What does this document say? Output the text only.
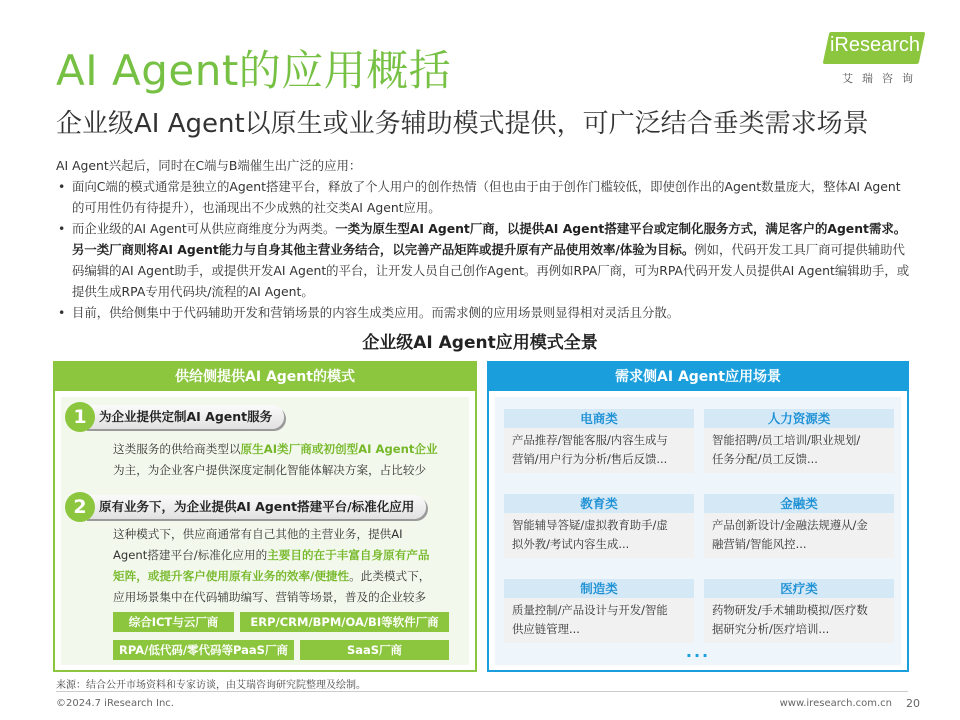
AI Agent的应用概括
企业级AI Agent以原生或业务辅助模式提供，可广泛结合垂类需求场景
iResearch
艾瑞咨询
AI Agent兴起后，同时在C端与B端催生出广泛的应用：
• 面向C端的模式通常是独立的Agent搭建平台，释放了个人用户的创作热情（但也由于由于创作门槛较低，即使创作出的Agent数量庞大，整体AI Agent的可用性仍有待提升），也涌现出不少成熟的社交类AI Agent应用。
• 而企业级的AI Agent可从供应商维度分为两类。一类为原生型AI Agent厂商，以提供AI Agent搭建平台或定制化服务方式，满足客户的Agent需求。另一类厂商则将AI Agent能力与自身其他主营业务结合，以完善产品矩阵或提升原有产品使用效率/体验为目标。例如，代码开发工具厂商可提供辅助代码编辑的AI Agent助手，或提供开发AI Agent的平台，让开发人员自己创作Agent。再例如RPA厂商，可为RPA代码开发人员提供AI Agent编辑助手，或提供生成RPA专用代码块/流程的AI Agent。
• 目前，供给侧集中于代码辅助开发和营销场景的内容生成类应用。而需求侧的应用场景则显得相对灵活且分散。
企业级AI Agent应用模式全景
供给侧提供AI Agent的模式
为企业提供定制AI Agent服务
1
这类服务的供给商类型以原生AI类厂商或初创型AI Agent企业
为主，为企业客户提供深度定制化智能体解决方案，占比较少
原有业务下，为企业提供AI Agent搭建平台/标准化应用
2
这种模式下，供应商通常有自己其他的主营业务，提供AI
Agent搭建平台/标准化应用的主要目的在于丰富自身原有产品
矩阵，或提升客户使用原有业务的效率/便捷性。此类模式下，
应用场景集中在代码辅助编写、营销等场景，普及的企业较多
综合ICT与云厂商	ERP/CRM/BPM/OA/BI等软件厂商
RPA/低代码/零代码等PaaS厂商	SaaS厂商
需求侧AI Agent应用场景
电商类
产品推荐/智能客服/内容生成与
营销/用户行为分析/售后反馈...
人力资源类
智能招聘/员工培训/职业规划/
任务分配/员工反馈...
教育类
智能辅导答疑/虚拟教育助手/虚
拟外教/考试内容生成...
金融类
产品创新设计/金融法规遵从/金
融营销/智能风控...
制造类
质量控制/产品设计与开发/智能
供应链管理...
医疗类
药物研发/手术辅助模拟/医疗数
据研究分析/医疗培训...
···
来源：结合公开市场资料和专家访谈，由艾瑞咨询研究院整理及绘制。
©2024.7 iResearch Inc.	www.iresearch.com.cn 20
